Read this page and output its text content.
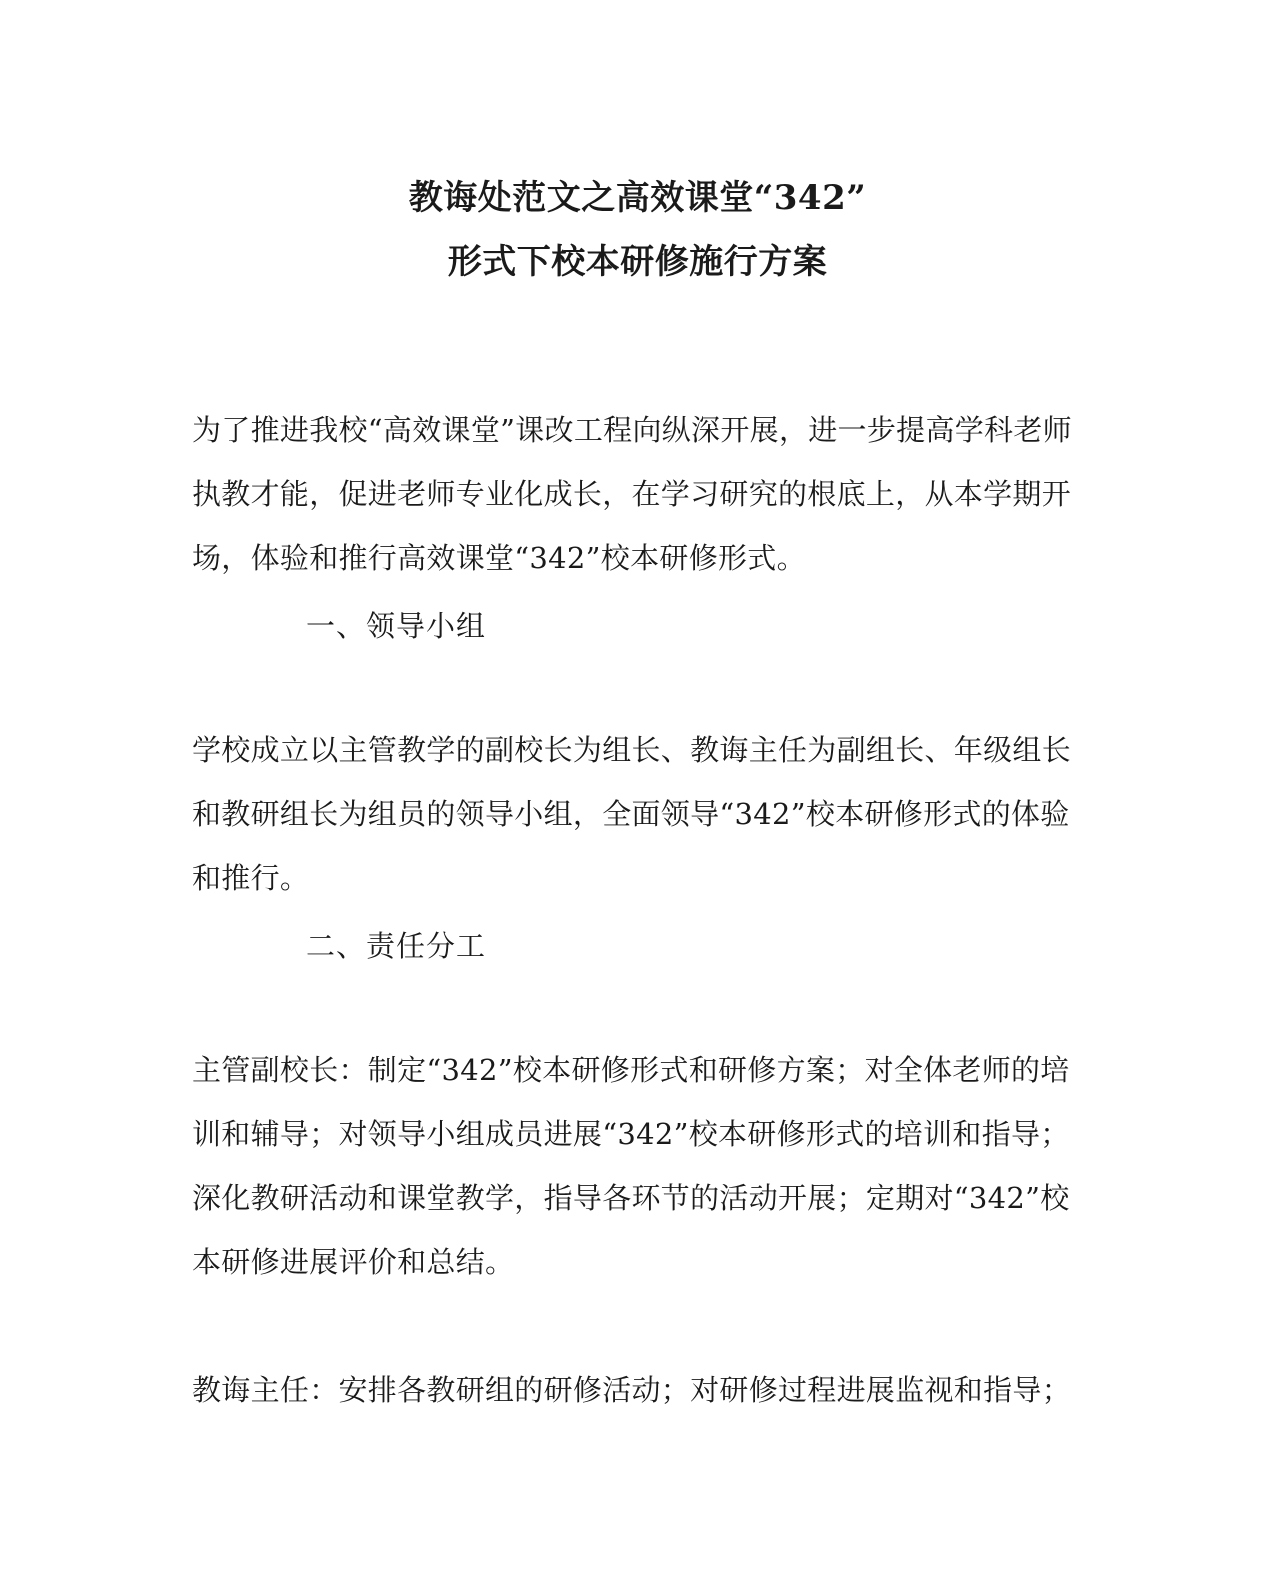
教诲处范文之高效课堂“342”
形式下校本研修施行方案
为了推进我校“高效课堂”课改工程向纵深开展，进一步提高学科老师执教才能，促进老师专业化成长，在学习研究的根底上，从本学期开场，体验和推行高效课堂“342”校本研修形式。
一、领导小组
学校成立以主管教学的副校长为组长、教诲主任为副组长、年级组长和教研组长为组员的领导小组，全面领导“342”校本研修形式的体验和推行。
二、责任分工
主管副校长：制定“342”校本研修形式和研修方案；对全体老师的培训和辅导；对领导小组成员进展“342”校本研修形式的培训和指导；深化教研活动和课堂教学，指导各环节的活动开展；定期对“342”校本研修进展评价和总结。
教诲主任：安排各教研组的研修活动；对研修过程进展监视和指导；
